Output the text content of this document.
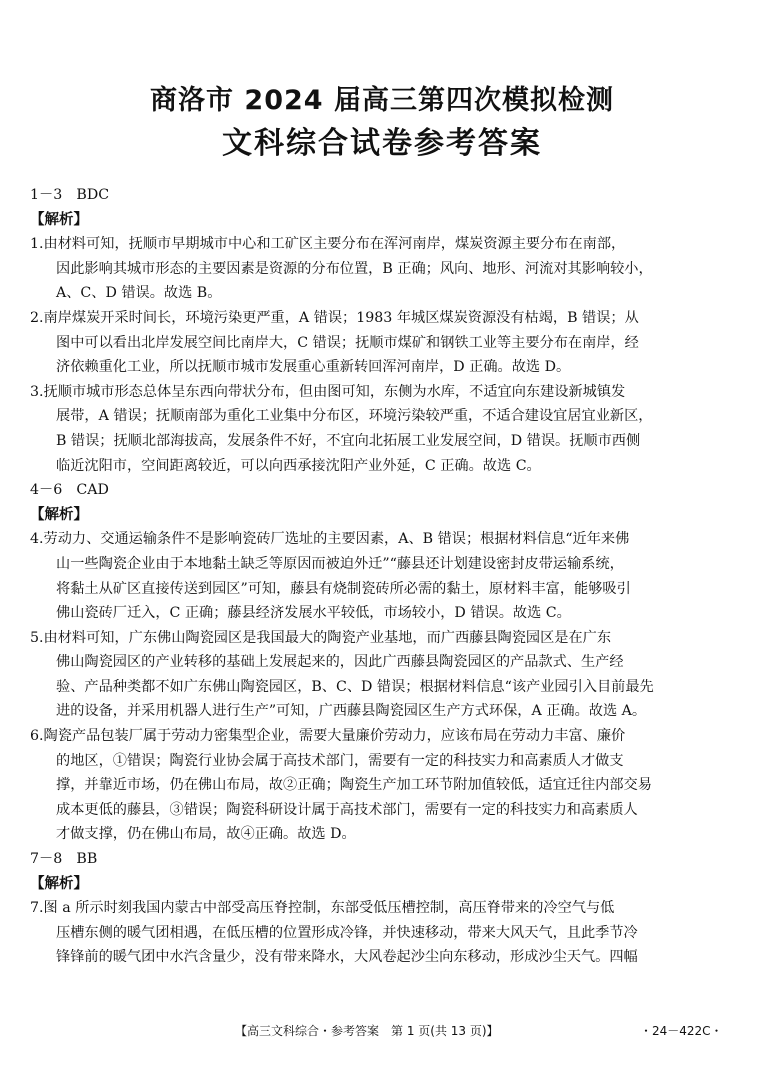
商洛市 2024 届高三第四次模拟检测
文科综合试卷参考答案
1－3　BDC
【解析】
1.由材料可知，抚顺市早期城市中心和工矿区主要分布在浑河南岸，煤炭资源主要分布在南部，
因此影响其城市形态的主要因素是资源的分布位置，B 正确；风向、地形、河流对其影响较小，
A、C、D 错误。故选 B。
2.南岸煤炭开采时间长，环境污染更严重，A 错误；1983 年城区煤炭资源没有枯竭，B 错误；从
图中可以看出北岸发展空间比南岸大，C 错误；抚顺市煤矿和钢铁工业等主要分布在南岸，经
济依赖重化工业，所以抚顺市城市发展重心重新转回浑河南岸，D 正确。故选 D。
3.抚顺市城市形态总体呈东西向带状分布，但由图可知，东侧为水库，不适宜向东建设新城镇发
展带，A 错误；抚顺南部为重化工业集中分布区，环境污染较严重，不适合建设宜居宜业新区，
B 错误；抚顺北部海拔高，发展条件不好，不宜向北拓展工业发展空间，D 错误。抚顺市西侧
临近沈阳市，空间距离较近，可以向西承接沈阳产业外延，C 正确。故选 C。
4－6　CAD
【解析】
4.劳动力、交通运输条件不是影响瓷砖厂选址的主要因素，A、B 错误；根据材料信息“近年来佛
山一些陶瓷企业由于本地黏土缺乏等原因而被迫外迁”“藤县还计划建设密封皮带运输系统，
将黏土从矿区直接传送到园区”可知，藤县有烧制瓷砖所必需的黏土，原材料丰富，能够吸引
佛山瓷砖厂迁入，C 正确；藤县经济发展水平较低，市场较小，D 错误。故选 C。
5.由材料可知，广东佛山陶瓷园区是我国最大的陶瓷产业基地，而广西藤县陶瓷园区是在广东
佛山陶瓷园区的产业转移的基础上发展起来的，因此广西藤县陶瓷园区的产品款式、生产经
验、产品种类都不如广东佛山陶瓷园区，B、C、D 错误；根据材料信息“该产业园引入目前最先
进的设备，并采用机器人进行生产”可知，广西藤县陶瓷园区生产方式环保，A 正确。故选 A。
6.陶瓷产品包装厂属于劳动力密集型企业，需要大量廉价劳动力，应该布局在劳动力丰富、廉价
的地区，①错误；陶瓷行业协会属于高技术部门，需要有一定的科技实力和高素质人才做支
撑，并靠近市场，仍在佛山布局，故②正确；陶瓷生产加工环节附加值较低，适宜迁往内部交易
成本更低的藤县，③错误；陶瓷科研设计属于高技术部门，需要有一定的科技实力和高素质人
才做支撑，仍在佛山布局，故④正确。故选 D。
7－8　BB
【解析】
7.图 a 所示时刻我国内蒙古中部受高压脊控制，东部受低压槽控制，高压脊带来的冷空气与低
压槽东侧的暖气团相遇，在低压槽的位置形成冷锋，并快速移动，带来大风天气，且此季节冷
锋锋前的暖气团中水汽含量少，没有带来降水，大风卷起沙尘向东移动，形成沙尘天气。四幅
【高三文科综合・参考答案　第 1 页(共 13 页)】	・24－422C・
